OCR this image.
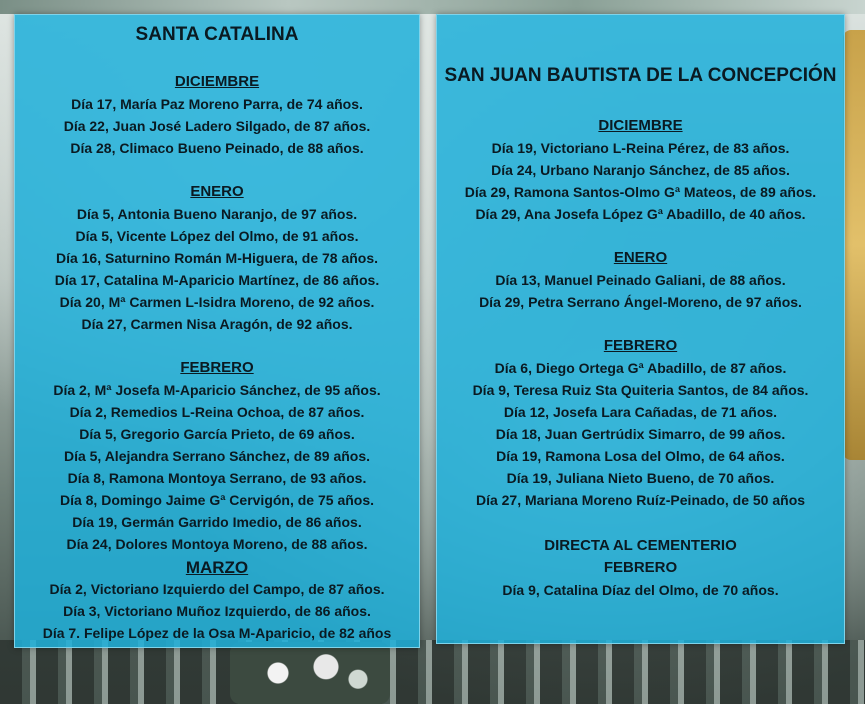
SANTA CATALINA
DICIEMBRE
Día 17, María Paz Moreno Parra, de 74 años.
Día 22, Juan José Ladero Silgado, de 87 años.
Día 28, Climaco Bueno Peinado, de 88 años.
ENERO
Día 5, Antonia Bueno Naranjo, de 97 años.
Día 5, Vicente López del Olmo, de 91 años.
Día 16, Saturnino Román M-Higuera, de 78 años.
Día 17, Catalina M-Aparicio Martínez, de 86 años.
Día 20, Mª Carmen L-Isidra Moreno, de 92 años.
Día 27, Carmen Nisa Aragón, de 92 años.
FEBRERO
Día 2, Mª Josefa M-Aparicio Sánchez, de 95 años.
Día 2, Remedios L-Reina Ochoa, de 87 años.
Día 5, Gregorio García Prieto, de 69 años.
Día 5, Alejandra Serrano Sánchez, de 89 años.
Día 8, Ramona Montoya Serrano, de 93 años.
Día 8, Domingo Jaime Gª Cervigón, de 75 años.
Día 19, Germán Garrido Imedio, de 86 años.
Día 24, Dolores Montoya Moreno, de 88 años.
MARZO
Día 2, Victoriano Izquierdo del Campo, de 87 años.
Día 3, Victoriano Muñoz Izquierdo, de 86 años.
Día 7. Felipe López de la Osa M-Aparicio, de 82 años
SAN JUAN BAUTISTA DE LA CONCEPCIÓN
DICIEMBRE
Día 19, Victoriano L-Reina Pérez, de 83 años.
Día 24, Urbano Naranjo Sánchez, de 85 años.
Día 29, Ramona Santos-Olmo Gª Mateos, de 89 años.
Día 29, Ana Josefa López Gª Abadillo, de 40 años.
ENERO
Día 13, Manuel Peinado Galiani, de 88 años.
Día 29, Petra Serrano Ángel-Moreno, de 97 años.
FEBRERO
Día 6, Diego Ortega Gª Abadillo, de 87 años.
Día 9, Teresa Ruiz Sta Quiteria Santos, de 84 años.
Día 12, Josefa Lara Cañadas, de 71 años.
Día 18, Juan Gertrúdix Simarro, de 99 años.
Día 19, Ramona Losa del Olmo, de 64 años.
Día 19, Juliana Nieto Bueno, de 70 años.
Día 27, Mariana Moreno Ruíz-Peinado, de 50 años
DIRECTA AL CEMENTERIO
FEBRERO
Día 9, Catalina Díaz del Olmo, de 70 años.
